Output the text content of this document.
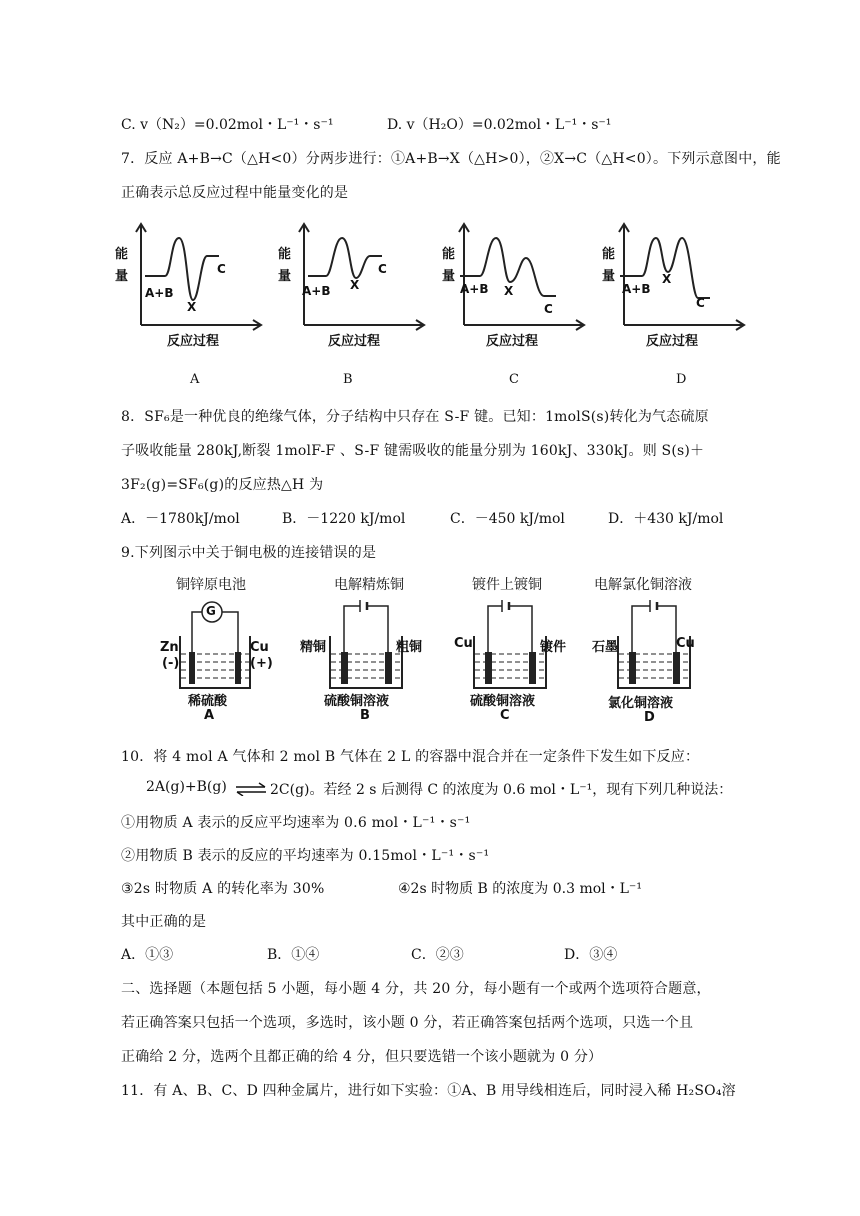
C. v（N₂）=0.02mol・L⁻¹・s⁻¹	D. v（H₂O）=0.02mol・L⁻¹・s⁻¹
7．反应 A+B→C（△H<0）分两步进行：①A+B→X（△H>0），②X→C（△H<0）。下列示意图中，能
正确表示总反应过程中能量变化的是
能
量
A+B
X
C
反应过程
能
量
A+B X
C
反应过程
能
量
A+B X
C
反应过程
能
量
A+B
X
C
反应过程
A	B	C	D
8．SF₆是一种优良的绝缘气体，分子结构中只存在 S-F 键。已知：1molS(s)转化为气态硫原
子吸收能量 280kJ,断裂 1molF-F 、S-F 键需吸收的能量分别为 160kJ、330kJ。则 S(s)＋
3F₂(g)=SF₆(g)的反应热△H 为
A．－1780kJ/mol	B．－1220 kJ/mol	C．－450 kJ/mol	D．＋430 kJ/mol
9.下列图示中关于铜电极的连接错误的是
铜锌原电池
G
Zn
(-)
Cu
(+)
稀硫酸
A
电解精炼铜
精铜	粗铜
硫酸铜溶液
B
镀件上镀铜
Cu	镀件
硫酸铜溶液
C
电解氯化铜溶液
石墨	Cu
氯化铜溶液
D
10．将 4 mol A 气体和 2 mol B 气体在 2 L 的容器中混合并在一定条件下发生如下反应：
2A(g)+B(g) ⇌ 2C(g)。若经 2 s 后测得 C 的浓度为 0.6 mol・L⁻¹，现有下列几种说法：
①用物质 A 表示的反应平均速率为 0.6 mol・L⁻¹・s⁻¹
②用物质 B 表示的反应的平均速率为 0.15mol・L⁻¹・s⁻¹
③2s 时物质 A 的转化率为 30%	④2s 时物质 B 的浓度为 0.3 mol・L⁻¹
其中正确的是
A．①③	B．①④	C．②③	D．③④
二、选择题（本题包括 5 小题，每小题 4 分，共 20 分，每小题有一个或两个选项符合题意，
若正确答案只包括一个选项，多选时，该小题 0 分，若正确答案包括两个选项，只选一个且
正确给 2 分，选两个且都正确的给 4 分，但只要选错一个该小题就为 0 分）
11．有 A、B、C、D 四种金属片，进行如下实验：①A、B 用导线相连后，同时浸入稀 H₂SO₄溶
